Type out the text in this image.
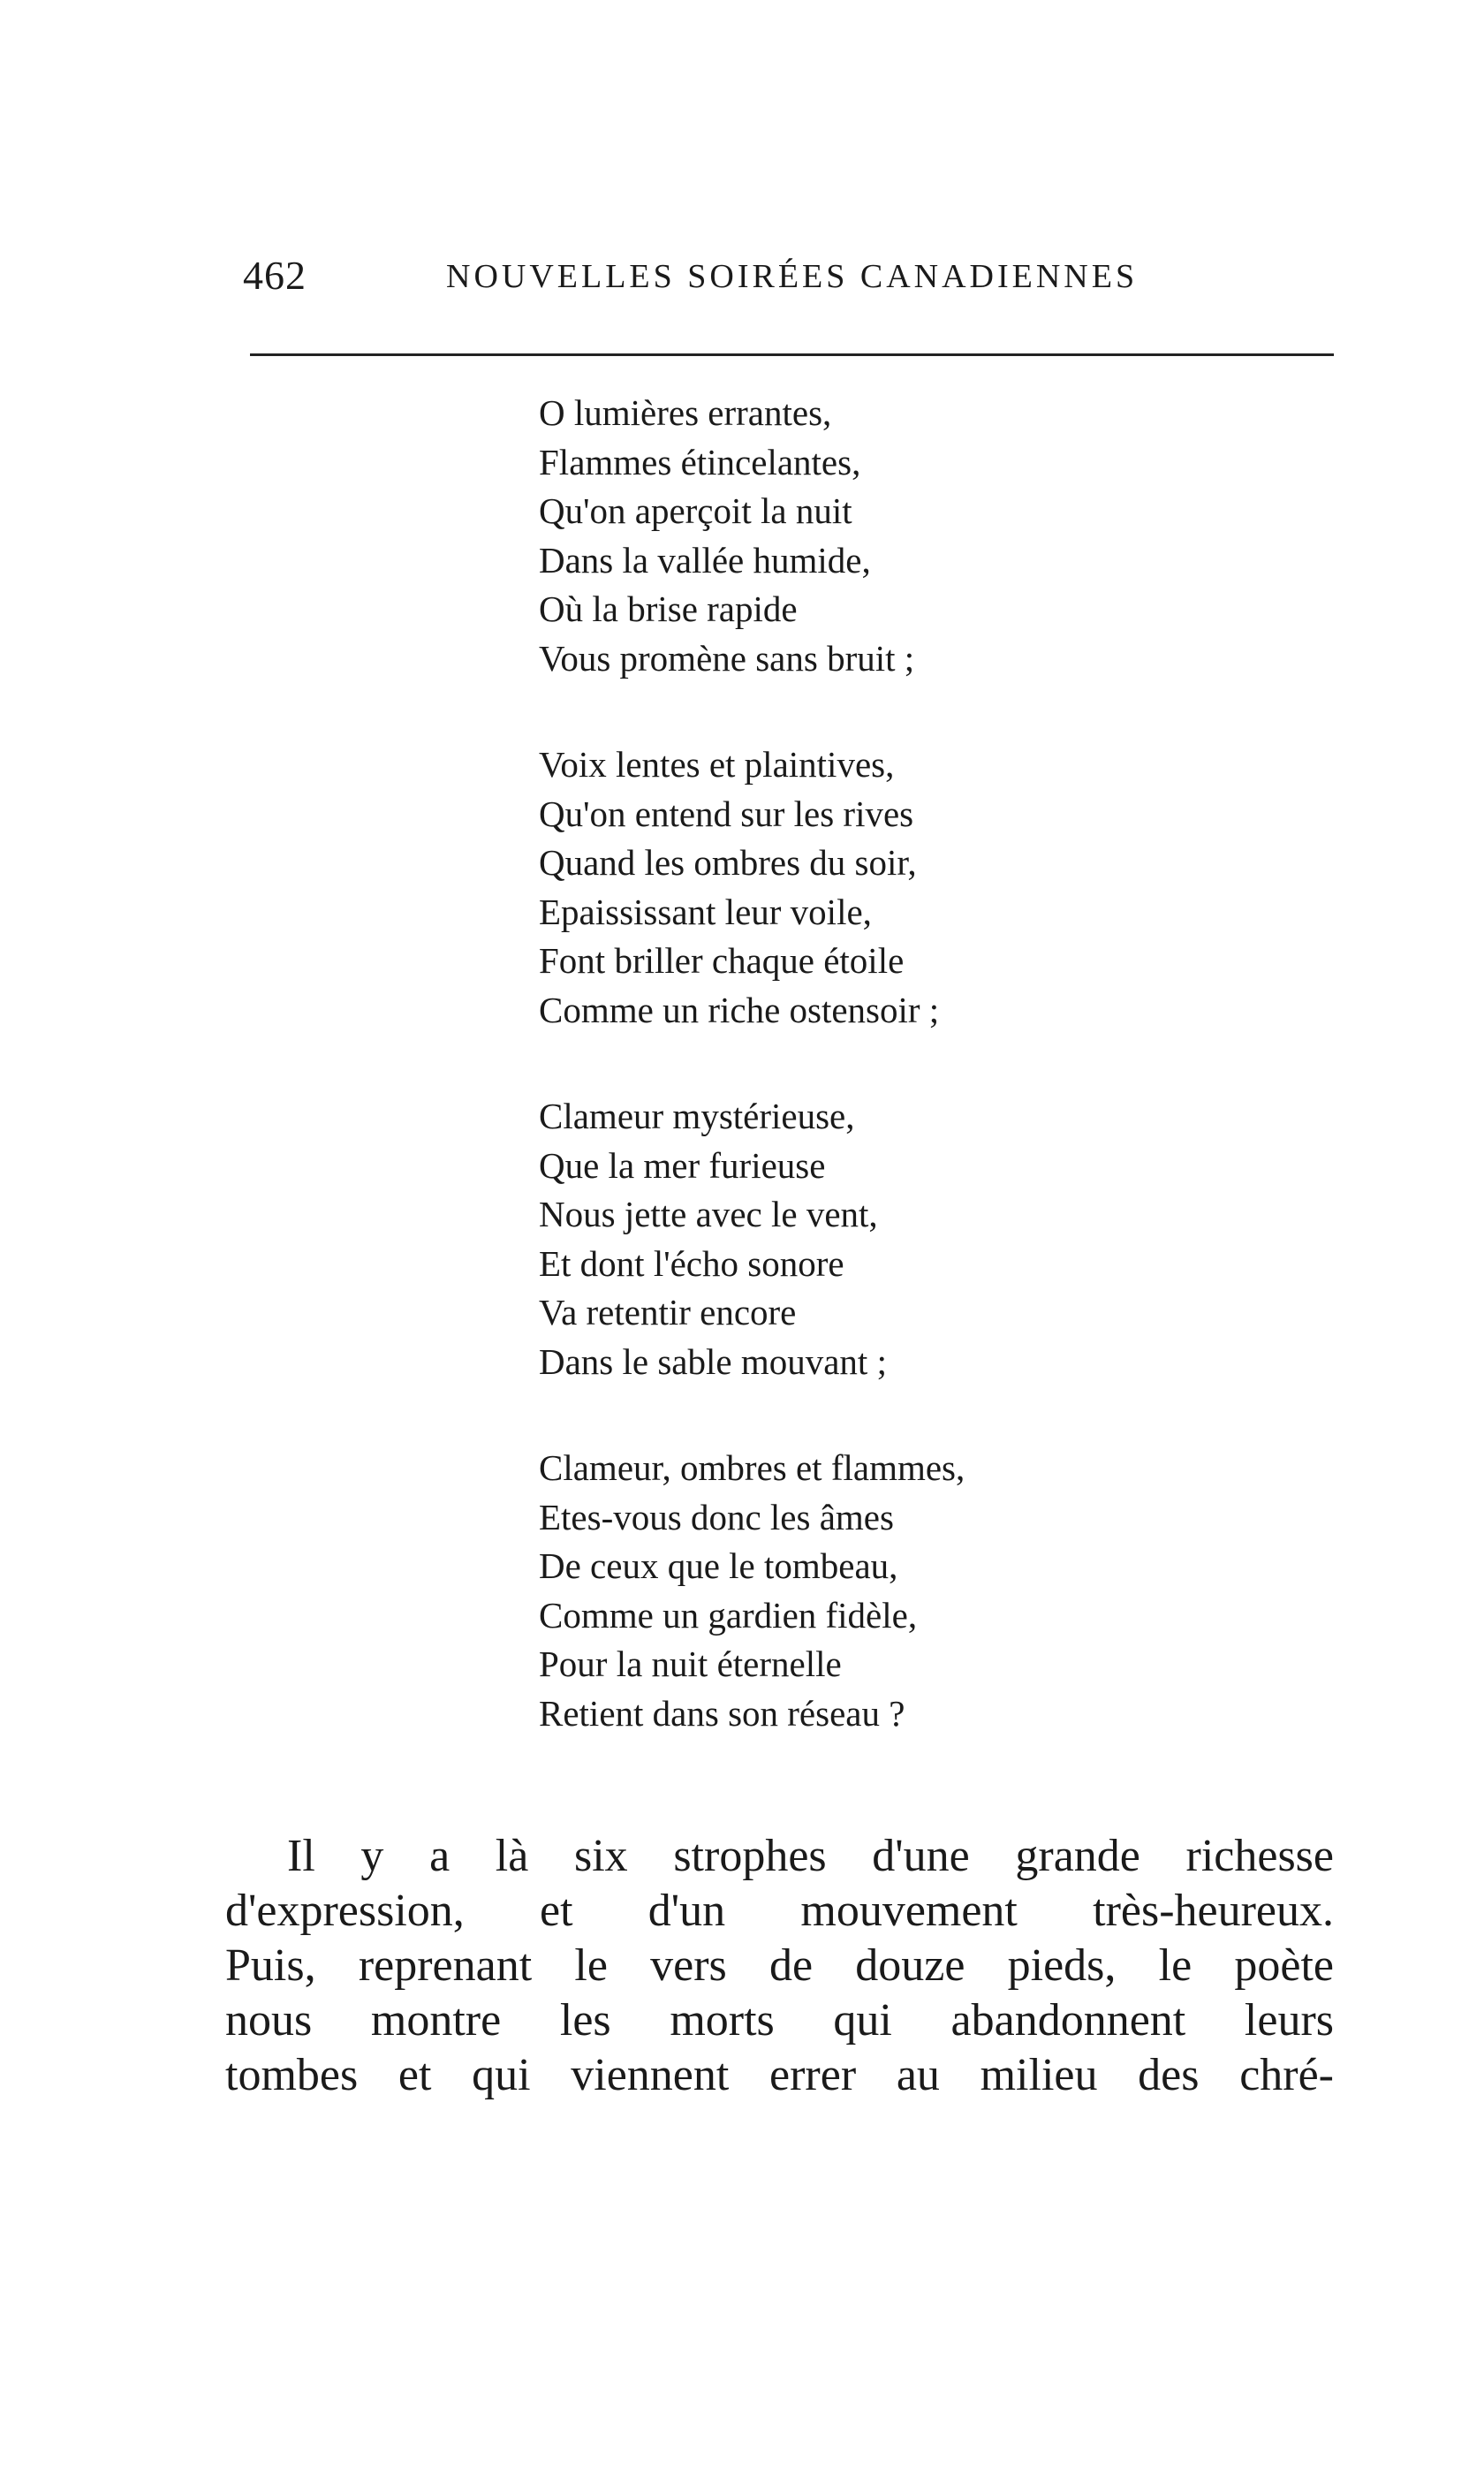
462	NOUVELLES SOIRÉES CANADIENNES
O lumières errantes,
Flammes étincelantes,
Qu'on aperçoit la nuit
Dans la vallée humide,
Où la brise rapide
Vous promène sans bruit ;
Voix lentes et plaintives,
Qu'on entend sur les rives
Quand les ombres du soir,
Epaississant leur voile,
Font briller chaque étoile
Comme un riche ostensoir ;
Clameur mystérieuse,
Que la mer furieuse
Nous jette avec le vent,
Et dont l'écho sonore
Va retentir encore
Dans le sable mouvant ;
Clameur, ombres et flammes,
Etes-vous donc les âmes
De ceux que le tombeau,
Comme un gardien fidèle,
Pour la nuit éternelle
Retient dans son réseau ?
Il y a là six strophes d'une grande richesse
d'expression, et d'un mouvement très-heureux.
Puis, reprenant le vers de douze pieds, le poète
nous montre les morts qui abandonnent leurs
tombes et qui viennent errer au milieu des chré-
